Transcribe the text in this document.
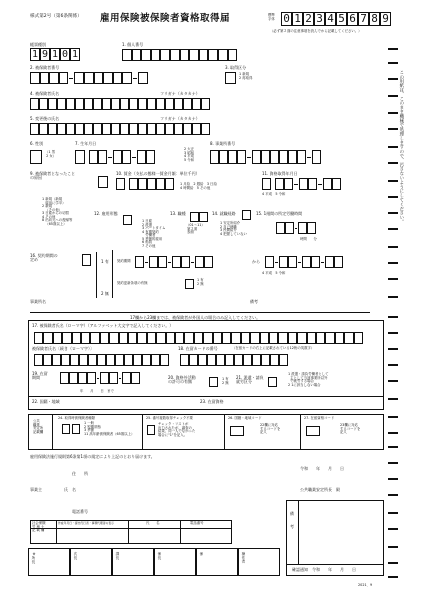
様式第2号（第6条関係） 雇用保険被保険者資格取得届	標準字体 0 1 2 3 4 5 6 7 8 9
（必ず第２面の注意事項を読んでから記載してください。）
この用紙は、このまま機械で処理しますので、汚さないようにしてください。
帳票種別
1 9 1 0 1
1. 個人番号
2. 被保険者番号	3. 取得区分
1 新規
2 再取得
4. 被保険者氏名	フリガナ（カタカナ）
5. 変更後の氏名	フリガナ（カタカナ）
6. 性別
（1 男
2 女）
7. 生年月日
2 大正
3 昭和
4 平成
5 令和
8. 事業所番号
9. 被保険者となったこと
の原因
1 新規（新規
雇用に学卒）
2 新規
（その他）
3 日雇からの切替
4 その他
8 出向元への復帰等
（65歳以上）
10. 賃金（支払の態様一賃金月額：単位千円）
1 月給　2 週給　3 日給
4 時間給　5 その他
11. 資格取得年月日
4 平成　5 令和
12. 雇用形態
1 日雇
2 派遣
3 パートタイム
4 有期契約
労働者
5 季節的雇用
6 船員
7 その他
13. 職種
（01～11）
第２面
参照
14. 就職経路
1 安定所紹介
2 自己就職
3 民間紹介
4 把握していない
15. 1週間の所定労働時間
時間　　分
16. 契約期間の
定め	1 有
2 無
契約期間	から
4 平成　5 令和
契約更新条項の有無
1 有
2 無
事業所名	備考
17欄から23欄までは、被保険者が外国人の場合のみ記入してください。
17. 被保険者氏名（ローマ字）（アルファベット大文字で記入してください。）
被保険者氏名〔続き（ローマ字）〕	18. 在留カードの番号	（在留カードの右上に記載されている12桁の英数字）
19. 在留
期間
年　　月　　日　まで
20. 資格外活動
の許可の有無
1 有
2 無
21. 派遣・請負
就労区分
1 派遣・請負労働者として
主として当該事業所以外
で就労する場合
2 1に該当しない場合
22. 国籍・地域	23. 在留資格
公共
職業
安定所
記載欄
24. 取得時被保険者種類
1 一般
2 短期常態
3 季節
11 高年齢被保険者（65歳以上）
25. 番号複数取得チェック不要
チェック・リストが
出力されたが、調査の
結果、同一人でなかった
場合に"1"を記入。
26. 国籍・地域コード
22欄に対応
するコードを
記入
27. 在留資格コード
23欄に対応
するコードを
記入
雇用保険法施行規則第6条第1項の規定により上記のとおり届けます。
住　　所
令和　　年　　月　　日
事業主	氏　名	公共職業安定所長　殿
電話番号
社会保険
労 務 士
記 載 欄
作成年月日・提出代行者・事務代理者の表示	氏　　名	電話番号
備

考
確認通知　令和　　年　　月　　日
※所長	次長	課長	係長	係	操作者
2021．9
